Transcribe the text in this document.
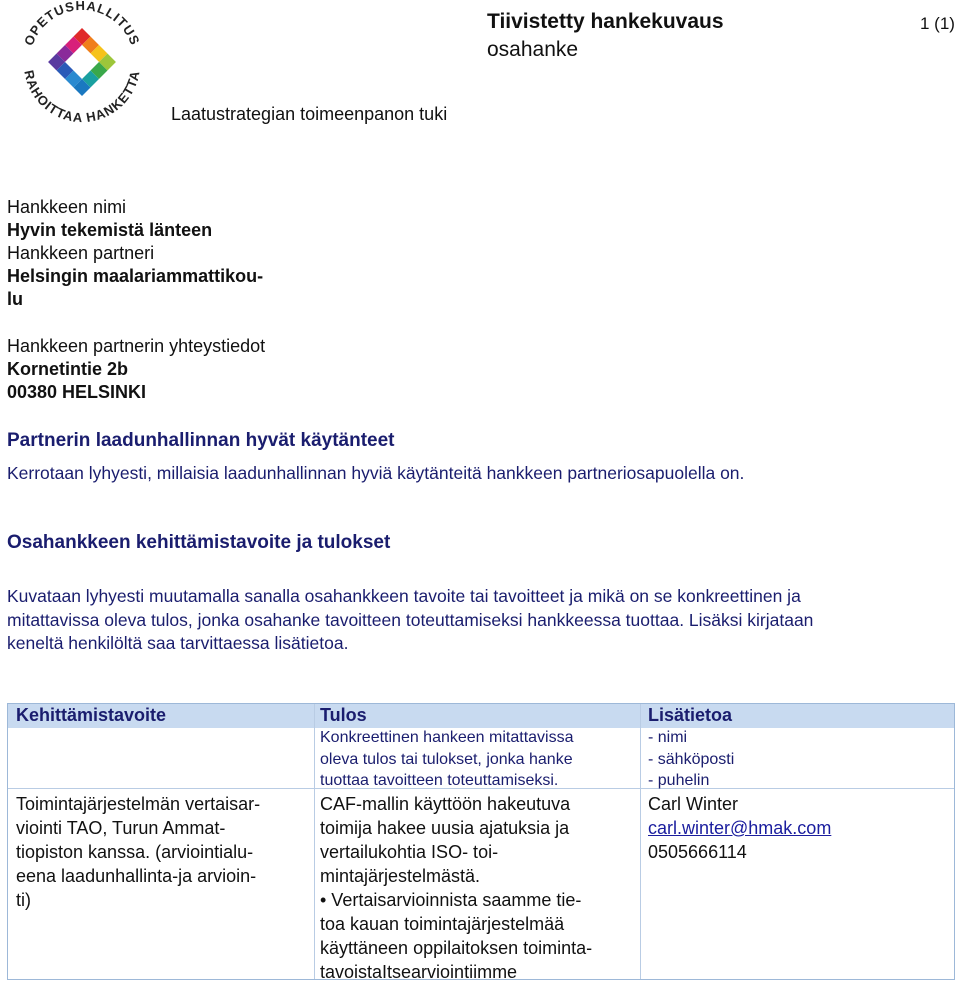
OPETUSHALLITUS
RAHOITTAA HANKETTA
Tiivistetty hankekuvaus
osahanke
1 (1)
Laatustrategian toimeenpanon tuki
Hankkeen nimi
Hyvin tekemistä länteen
Hankkeen partneri
Helsingin maalariammattikou-
lu
Hankkeen partnerin yhteystiedot
Kornetintie 2b
00380 HELSINKI
Partnerin laadunhallinnan hyvät käytänteet
Kerrotaan lyhyesti, millaisia laadunhallinnan hyviä käytänteitä hankkeen partneriosapuolella on.
Osahankkeen kehittämistavoite ja tulokset
Kuvataan lyhyesti muutamalla sanalla osahankkeen tavoite tai tavoitteet ja mikä on se konkreettinen ja
mitattavissa oleva tulos, jonka osahanke tavoitteen toteuttamiseksi hankkeessa tuottaa. Lisäksi kirjataan
keneltä henkilöltä saa tarvittaessa lisätietoa.
Kehittämistavoite	Tulos	Lisätietoa
Konkreettinen hankeen mitattavissa
oleva tulos tai tulokset, jonka hanke
tuottaa tavoitteen toteuttamiseksi.
- nimi
- sähköposti
- puhelin
Toimintajärjestelmän vertaisar-
viointi TAO, Turun Ammat-
tiopiston kanssa. (arviointialu-
eena laadunhallinta-ja arvioin-
ti)
CAF-mallin käyttöön hakeutuva
toimija hakee uusia ajatuksia ja
vertailukohtia ISO- toi-
mintajärjestelmästä.
• Vertaisarvioinnista saamme tie-
toa kauan toimintajärjestelmää
käyttäneen oppilaitoksen toiminta-
tavoistaItsearviointiimme
Carl Winter
carl.winter@hmak.com
0505666114
